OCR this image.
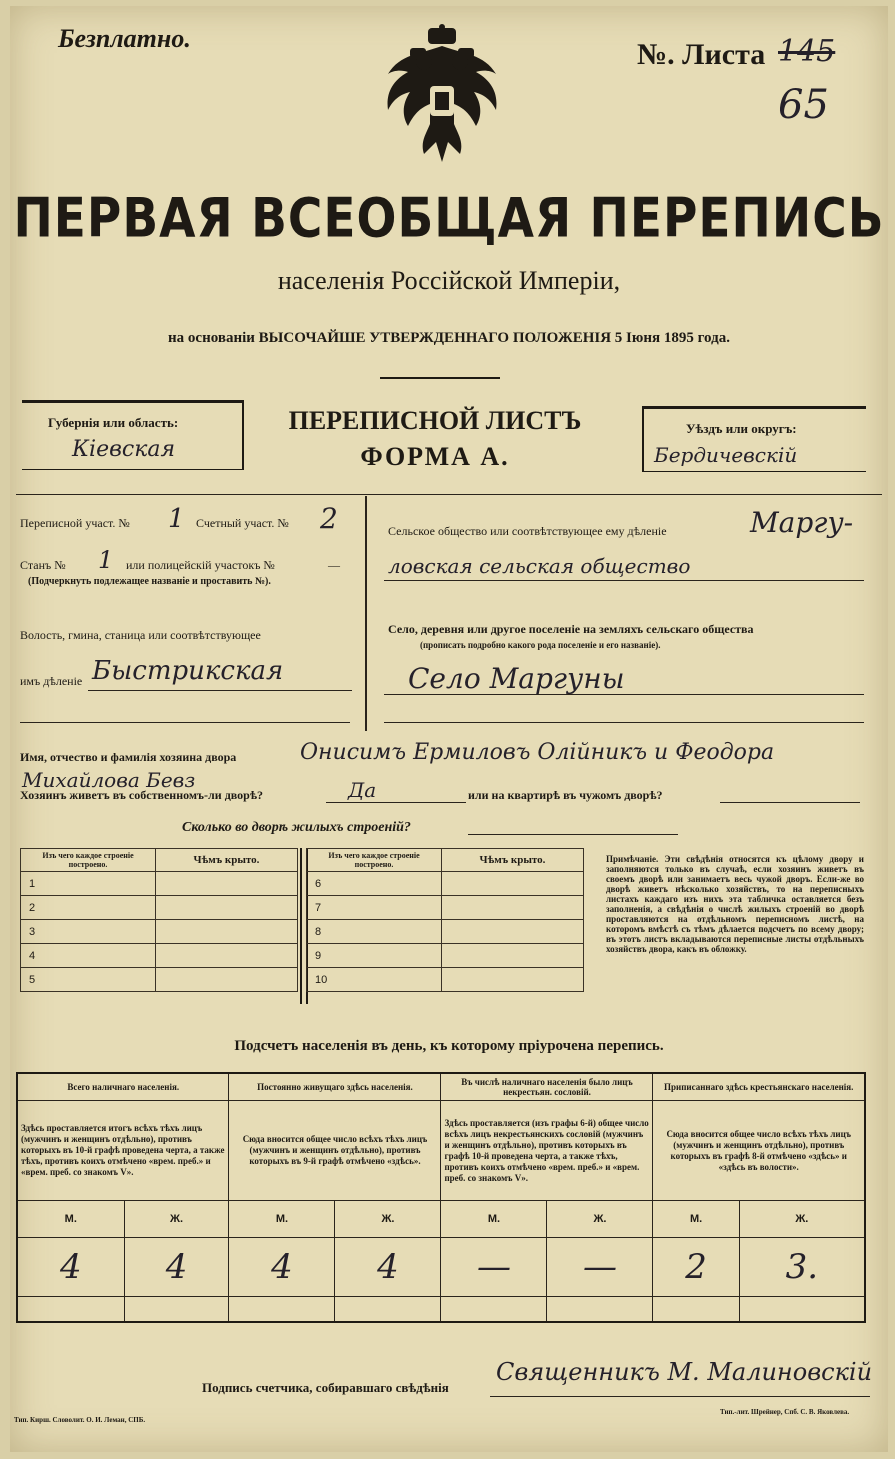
Безплатно.	№. Листа 145
65
ПЕРВАЯ ВСЕОБЩАЯ ПЕРЕПИСЬ
населенія Россійской Имперіи,
на основаніи ВЫСОЧАЙШЕ УТВЕРЖДЕННАГО ПОЛОЖЕНІЯ 5 Іюня 1895 года.
Губернія или область:
Кіевская
ПЕРЕПИСНОЙ ЛИСТЪ
ФОРМА А.
Уѣздъ или округъ:
Бердичевскій
Переписной участ. № 1 Счетный участ. № 2
Станъ № 1 или полицейскій участокъ №	—
(Подчеркнуть подлежащее названіе и проставить №).
Волость, гмина, станица или соотвѣтствующее
имъ дѣленіе Быстрикская
Сельское общество или соотвѣтствующее ему дѣленіе	Маргу-
ловская сельская общество
Село, деревня или другое поселеніе на земляхъ сельскаго общества
(прописать подробно какого рода поселеніе и его названіе).
Село Маргуны
Имя, отчество и фамилія хозяина двора	Онисимъ Ермиловъ Олійникъ и Феодора
Михайлова Бевз
Хозяинъ живетъ въ собственномъ-ли дворѣ?	Да	или на квартирѣ въ чужомъ дворѣ?
Сколько во дворѣ жилыхъ строеній?
Изъ чего каждое строеніе построено.	Чѣмъ крыто.
1	
2	
3	
4	
5	
Изъ чего каждое строеніе построено.	Чѣмъ крыто.
6	
7	
8	
9	
10	
Примѣчаніе. Эти свѣдѣнія относятся къ цѣлому двору и заполняются только въ случаѣ, если хозяинъ живетъ въ своемъ дворѣ или занимаетъ весь чужой дворъ. Если-же во дворѣ живетъ нѣсколько хозяйствъ, то на переписныхъ листахъ каждаго изъ нихъ эта табличка оставляется безъ заполненія, а свѣдѣнія о числѣ жилыхъ строеній во дворѣ проставляются на отдѣльномъ переписномъ листѣ, на которомъ вмѣстѣ съ тѣмъ дѣлается подсчетъ по всему двору; въ этотъ листъ вкладываются переписные листы отдѣльныхъ хозяйствъ двора, какъ въ обложку.
Подсчетъ населенія въ день, къ которому пріурочена перепись.
Всего наличнаго населенія.		Постоянно живущаго здѣсь населенія.		Въ числѣ наличнаго населенія было лицъ некрестьян. сословій.		Приписаннаго здѣсь крестьянскаго населенія.	
Здѣсь проставляется итогъ всѣхъ тѣхъ лицъ (мужчинъ и женщинъ отдѣльно), противъ которыхъ въ 10-й графѣ проведена черта, а также тѣхъ, противъ коихъ отмѣчено «врем. преб.» и «врем. преб. со знакомъ V».		Сюда вносится общее число всѣхъ тѣхъ лицъ (мужчинъ и женщинъ отдѣльно), противъ которыхъ въ 9-й графѣ отмѣчено «здѣсь».		Здѣсь проставляется (изъ графы 6-й) общее число всѣхъ лицъ некрестьянскихъ сословій (мужчинъ и женщинъ отдѣльно), противъ которыхъ въ графѣ 10-й проведена черта, а также тѣхъ, противъ коихъ отмѣчено «врем. преб.» и «врем. преб. со знакомъ V».		Сюда вносится общее число всѣхъ тѣхъ лицъ (мужчинъ и женщинъ отдѣльно), противъ которыхъ въ графѣ 8-й отмѣчено «здѣсь» и «здѣсь въ волости».	
М.	Ж.	М.	Ж.	М.	Ж.	М.	Ж.
4	4	4	4	—	—	2	3.

Подпись счетчика, собиравшаго свѣдѣнія
Священникъ М. Малиновскій
Тип. Кирш. Словолит. О. И. Леман, СПБ.
Тип.-лит. Шрейнер, Спб. С. В. Яковлева.
